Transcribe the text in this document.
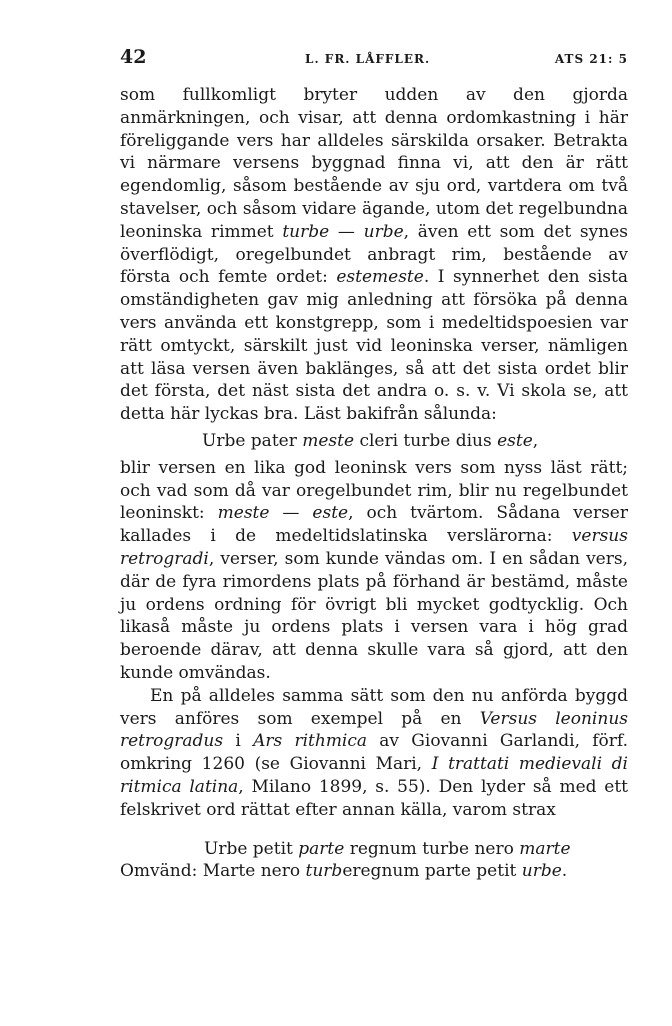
42	L. FR. LÅFFLER.	ATS 21: 5

som fullkomligt bryter udden av den gjorda anmärkningen, och visar, att denna ordomkastning i här föreliggande vers har alldeles särskilda orsaker. Betrakta vi närmare versens byggnad finna vi, att den är rätt egendomlig, såsom bestående av sju ord, vartdera om två stavelser, och såsom vidare ägande, utom det regelbundna leoninska rimmet turbe — urbe, även ett som det synes överflödigt, oregelbundet anbragt rim, bestående av första och femte ordet: estemeste. I synnerhet den sista omständigheten gav mig anledning att försöka på denna vers använda ett konstgrepp, som i medeltidspoesien var rätt omtyckt, särskilt just vid leoninska verser, nämligen att läsa versen även baklänges, så att det sista ordet blir det första, det näst sista det andra o. s. v. Vi skola se, att detta här lyckas bra. Läst bakifrån sålunda:

Urbe pater meste cleri turbe dius este,

blir versen en lika god leoninsk vers som nyss läst rätt; och vad som då var oregelbundet rim, blir nu regelbundet leoninskt: meste — este, och tvärtom. Sådana verser kallades i de medeltidslatinska verslärorna: versus retrogradi, verser, som kunde vändas om. I en sådan vers, där de fyra rimordens plats på förhand är bestämd, måste ju ordens ordning för övrigt bli mycket godtycklig. Och likaså måste ju ordens plats i versen vara i hög grad beroende därav, att denna skulle vara så gjord, att den kunde omvändas.

En på alldeles samma sätt som den nu anförda byggd vers anföres som exempel på en Versus leoninus retrogradus i Ars rithmica av Giovanni Garlandi, förf. omkring 1260 (se Giovanni Mari, I trattati medievali di ritmica latina, Milano 1899, s. 55). Den lyder så med ett felskrivet ord rättat efter annan källa, varom strax

Urbe petit parte regnum turbe nero marte
Omvänd: Marte nero turberegnum parte petit urbe.
